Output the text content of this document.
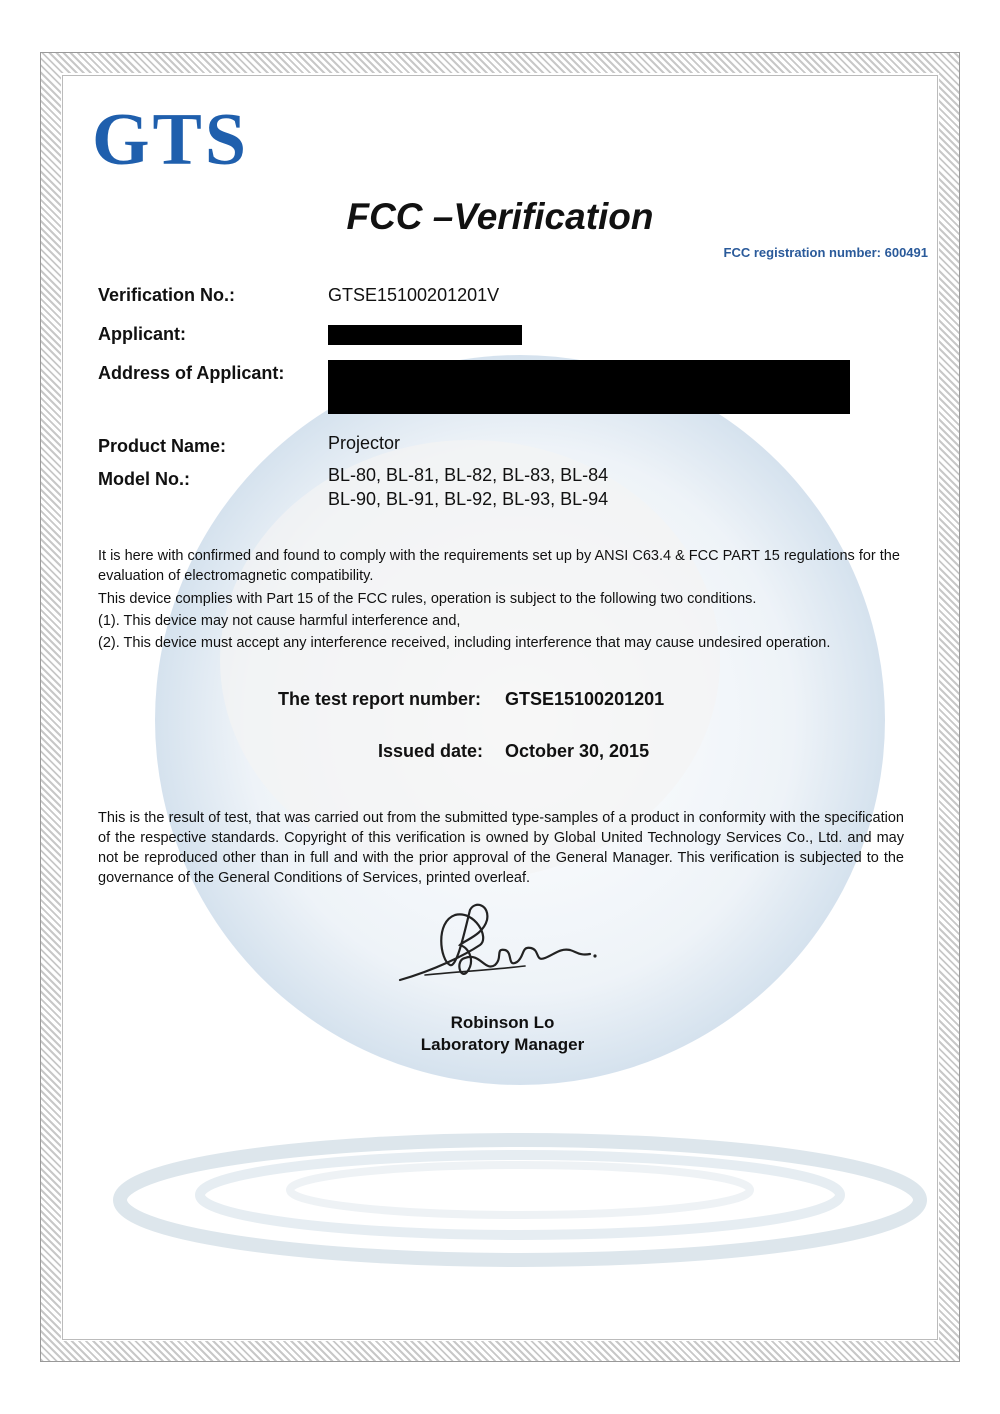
GTS
FCC –Verification
FCC registration number: 600491
Verification No.:	GTSE15100201201V
Applicant:
Address of Applicant:
Product Name:	Projector
Model No.:	BL-80, BL-81, BL-82, BL-83, BL-84
BL-90, BL-91, BL-92, BL-93, BL-94

It is here with confirmed and found to comply with the requirements set up by ANSI C63.4 & FCC PART 15 regulations for the evaluation of electromagnetic compatibility.

This device complies with Part 15 of the FCC rules, operation is subject to the following two conditions.

(1). This device may not cause harmful interference and,

(2). This device must accept any interference received, including interference that may cause undesired operation.

The test report number: GTSE15100201201
Issued date: October 30, 2015
This is the result of test, that was carried out from the submitted type-samples of a product in conformity with the specification of the respective standards. Copyright of this verification is owned by Global United Technology Services Co., Ltd. and may not be reproduced other than in full and with the prior approval of the General Manager. This verification is subjected to the governance of the General Conditions of Services, printed overleaf.
Robinson Lo
Laboratory Manager
